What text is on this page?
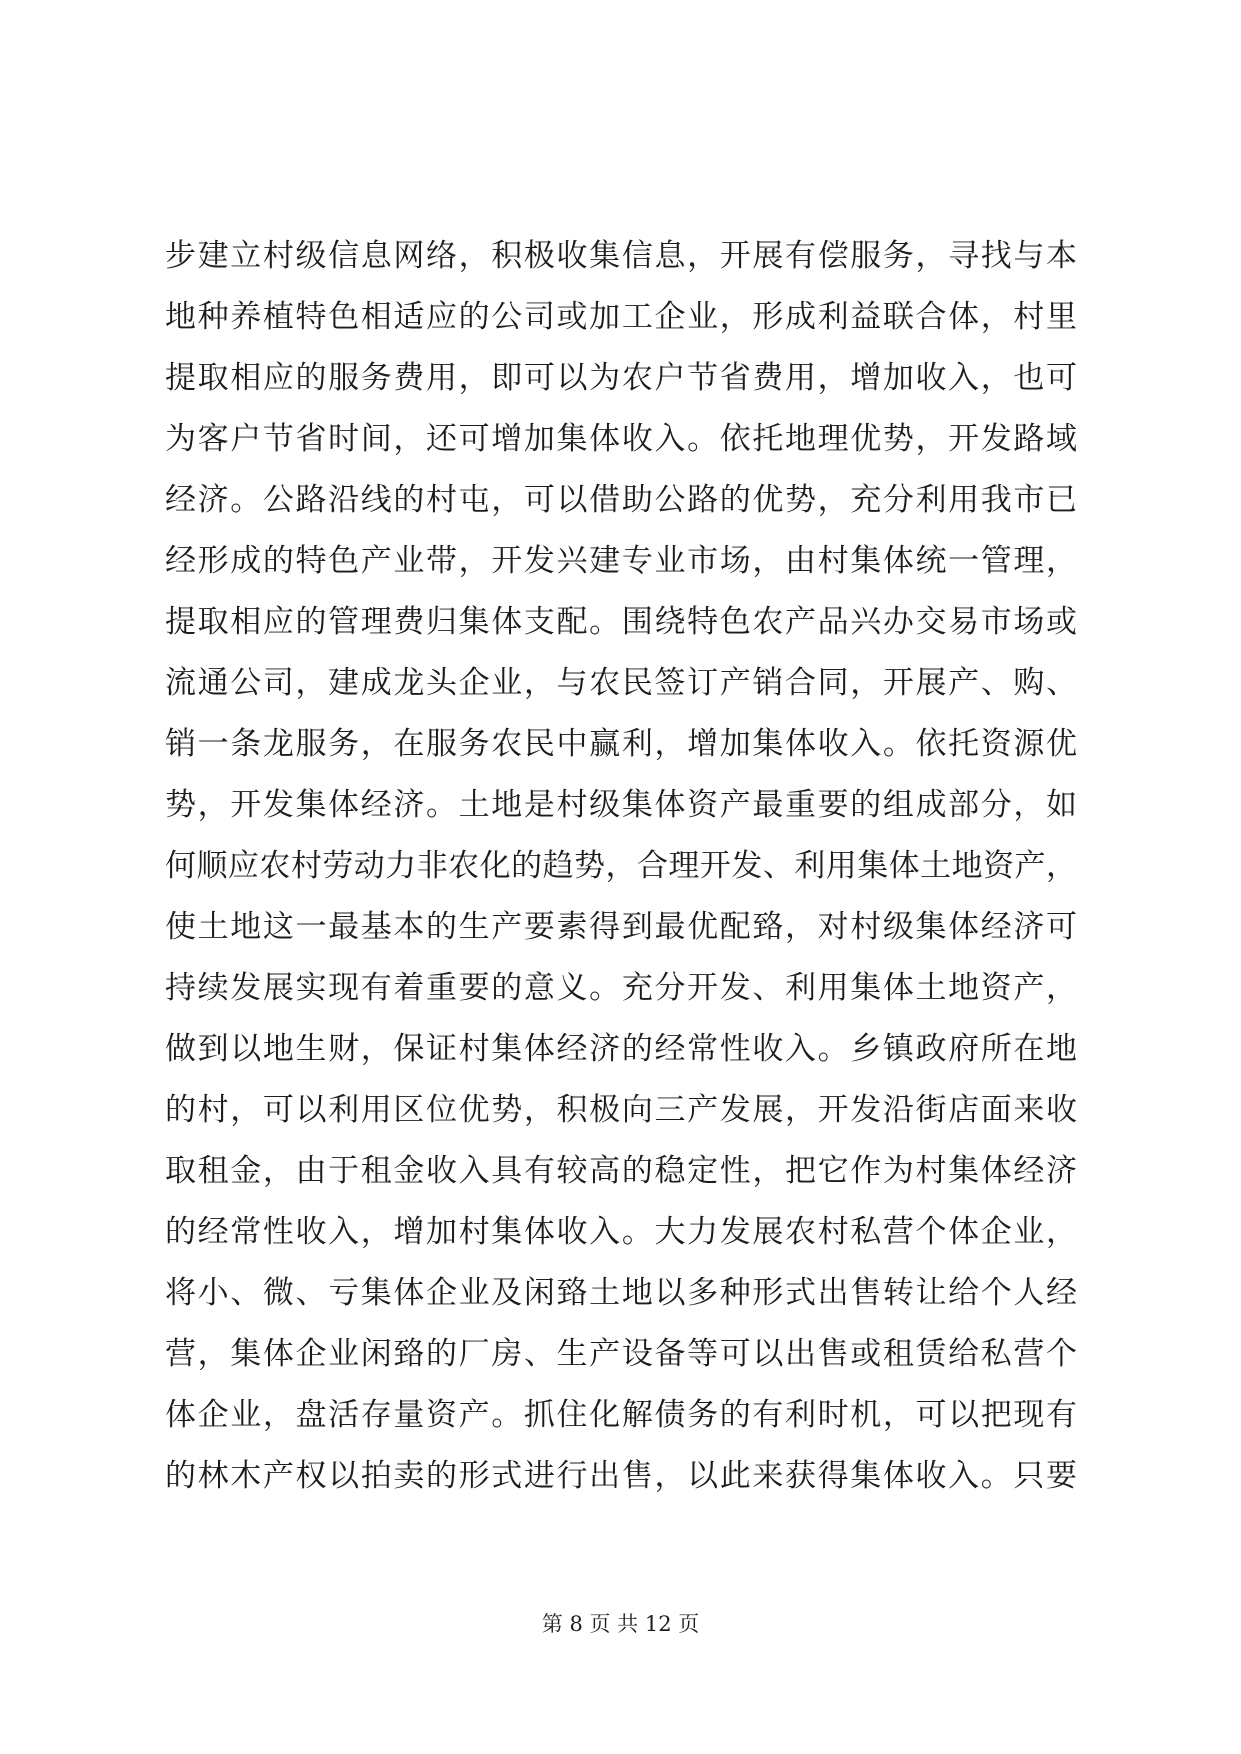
步建立村级信息网络，积极收集信息，开展有偿服务，寻找与本
地种养植特色相适应的公司或加工企业，形成利益联合体，村里
提取相应的服务费用，即可以为农户节省费用，增加收入，也可
为客户节省时间，还可增加集体收入。依托地理优势，开发路域
经济。公路沿线的村屯，可以借助公路的优势，充分利用我市已
经形成的特色产业带，开发兴建专业市场，由村集体统一管理，
提取相应的管理费归集体支配。围绕特色农产品兴办交易市场或
流通公司，建成龙头企业，与农民签订产销合同，开展产、购、
销一条龙服务，在服务农民中赢利，增加集体收入。依托资源优
势，开发集体经济。土地是村级集体资产最重要的组成部分，如
何顺应农村劳动力非农化的趋势，合理开发、利用集体土地资产，
使土地这一最基本的生产要素得到最优配臵，对村级集体经济可
持续发展实现有着重要的意义。充分开发、利用集体土地资产，
做到以地生财，保证村集体经济的经常性收入。乡镇政府所在地
的村，可以利用区位优势，积极向三产发展，开发沿街店面来收
取租金，由于租金收入具有较高的稳定性，把它作为村集体经济
的经常性收入，增加村集体收入。大力发展农村私营个体企业，
将小、微、亏集体企业及闲臵土地以多种形式出售转让给个人经
营，集体企业闲臵的厂房、生产设备等可以出售或租赁给私营个
体企业，盘活存量资产。抓住化解债务的有利时机，可以把现有
的林木产权以拍卖的形式进行出售，以此来获得集体收入。只要
第 8 页 共 12 页
